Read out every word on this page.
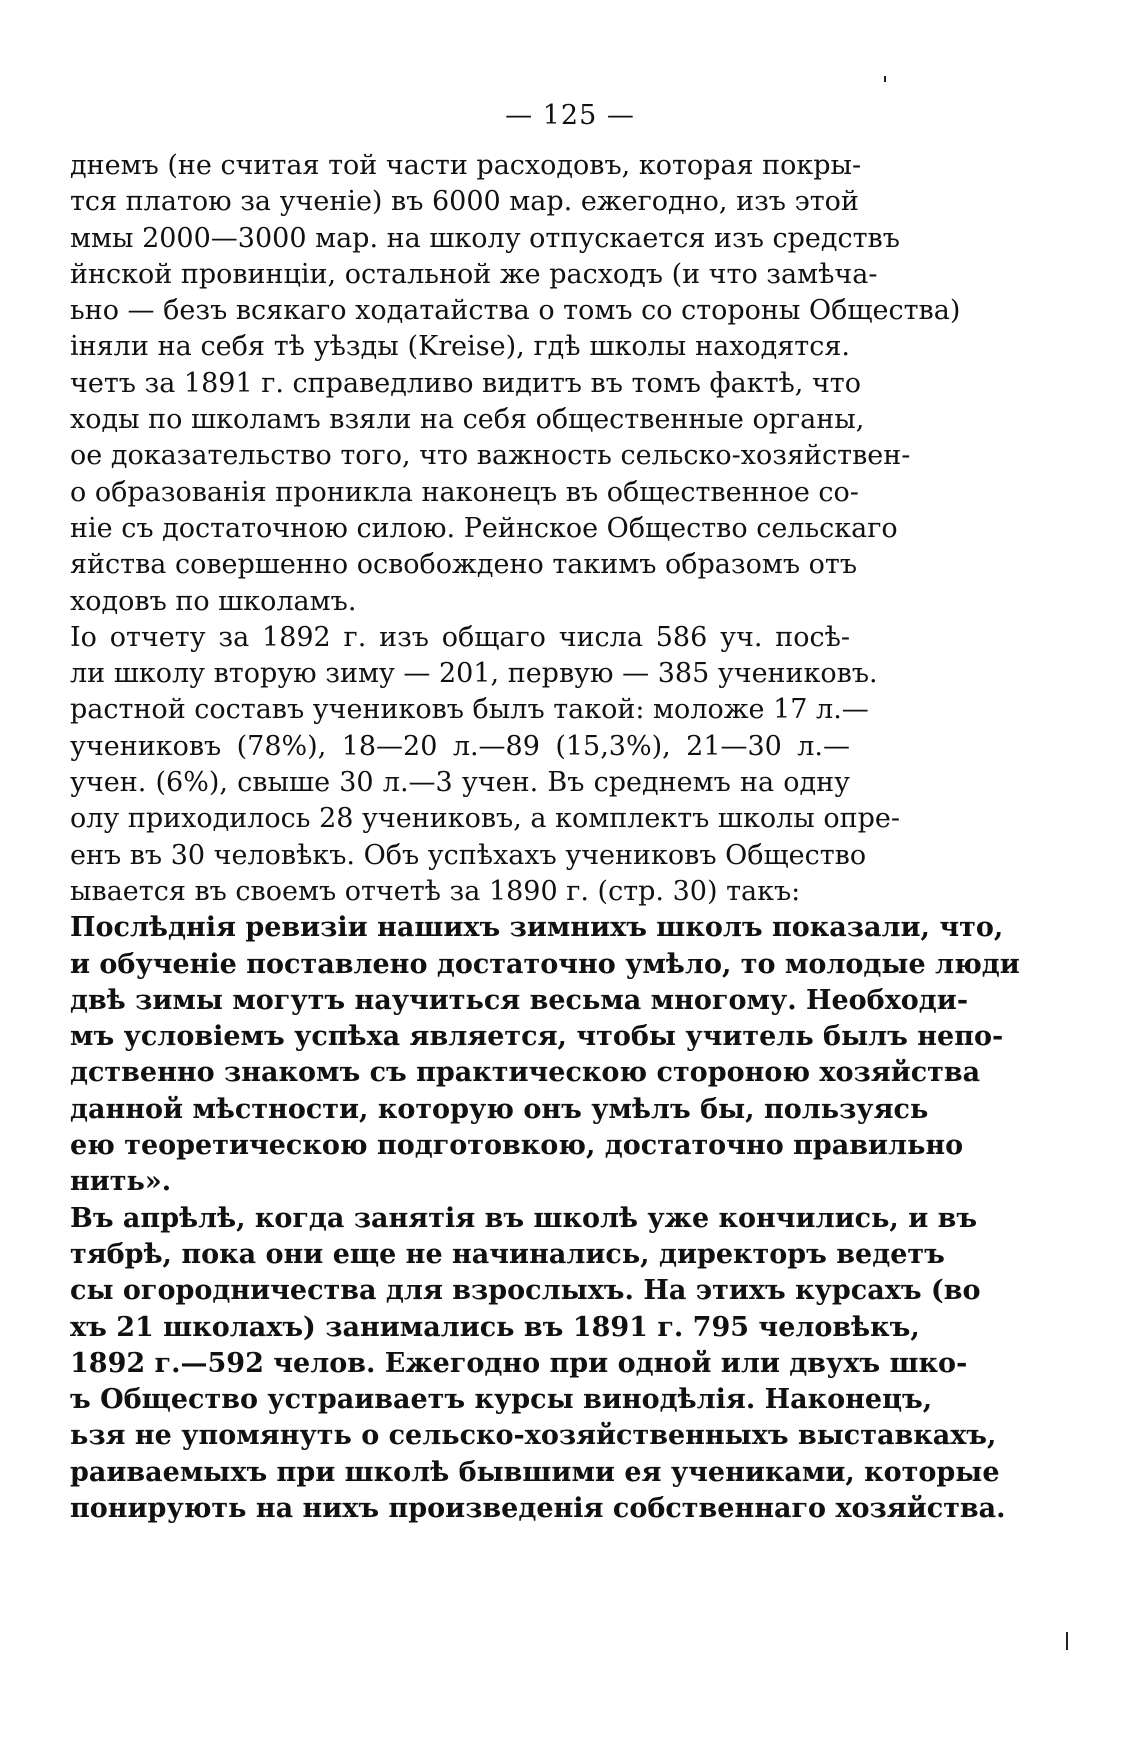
— 125 —
днемъ (не считая той части расходовъ, которая покры-
тся платою за ученіе) въ 6000 мар. ежегодно, изъ этой
ммы 2000—3000 мар. на школу отпускается изъ средствъ
йнской провинціи, остальной же расходъ (и что замѣча-
ьно — безъ всякаго ходатайства о томъ со стороны Общества)
іняли на себя тѣ уѣзды (Kreise), гдѣ школы находятся.
четъ за 1891 г. справедливо видитъ въ томъ фактѣ, что
ходы по школамъ взяли на себя общественные органы,
ое доказательство того, что важность сельско-хозяйствен-
о образованія проникла наконецъ въ общественное со-
ніе съ достаточною силою. Рейнское Общество сельскаго
яйства совершенно освобождено такимъ образомъ отъ
ходовъ по школамъ.
Іо отчету за 1892 г. изъ общаго числа 586 уч. посѣ-
ли школу вторую зиму — 201, первую — 385 учениковъ.
растной составъ учениковъ былъ такой: моложе 17 л.—
учениковъ (78%), 18—20 л.—89 (15,3%), 21—30 л.—
учен. (6%), свыше 30 л.—3 учен. Въ среднемъ на одну
олу приходилось 28 учениковъ, а комплектъ школы опре-
енъ въ 30 человѣкъ. Объ успѣхахъ учениковъ Общество
ывается въ своемъ отчетѣ за 1890 г. (стр. 30) такъ:
Послѣднія ревизіи нашихъ зимнихъ школъ показали, что,
и обученіе поставлено достаточно умѣло, то молодые люди
двѣ зимы могутъ научиться весьма многому. Необходи-
мъ условіемъ успѣха является, чтобы учитель былъ непо-
дственно знакомъ съ практическою стороною хозяйства
данной мѣстности, которую онъ умѣлъ бы, пользуясь
ею теоретическою подготовкою, достаточно правильно
нить».
Въ апрѣлѣ, когда занятія въ школѣ уже кончились, и въ
тябрѣ, пока они еще не начинались, директоръ ведетъ
сы огородничества для взрослыхъ. На этихъ курсахъ (во
хъ 21 школахъ) занимались въ 1891 г. 795 человѣкъ,
1892 г.—592 челов. Ежегодно при одной или двухъ шко-
ъ Общество устраиваетъ курсы винодѣлія. Наконецъ,
ьзя не упомянуть о сельско-хозяйственныхъ выставкахъ,
раиваемыхъ при школѣ бывшими ея учениками, которые
понирують на нихъ произведенія собственнаго хозяйства.
